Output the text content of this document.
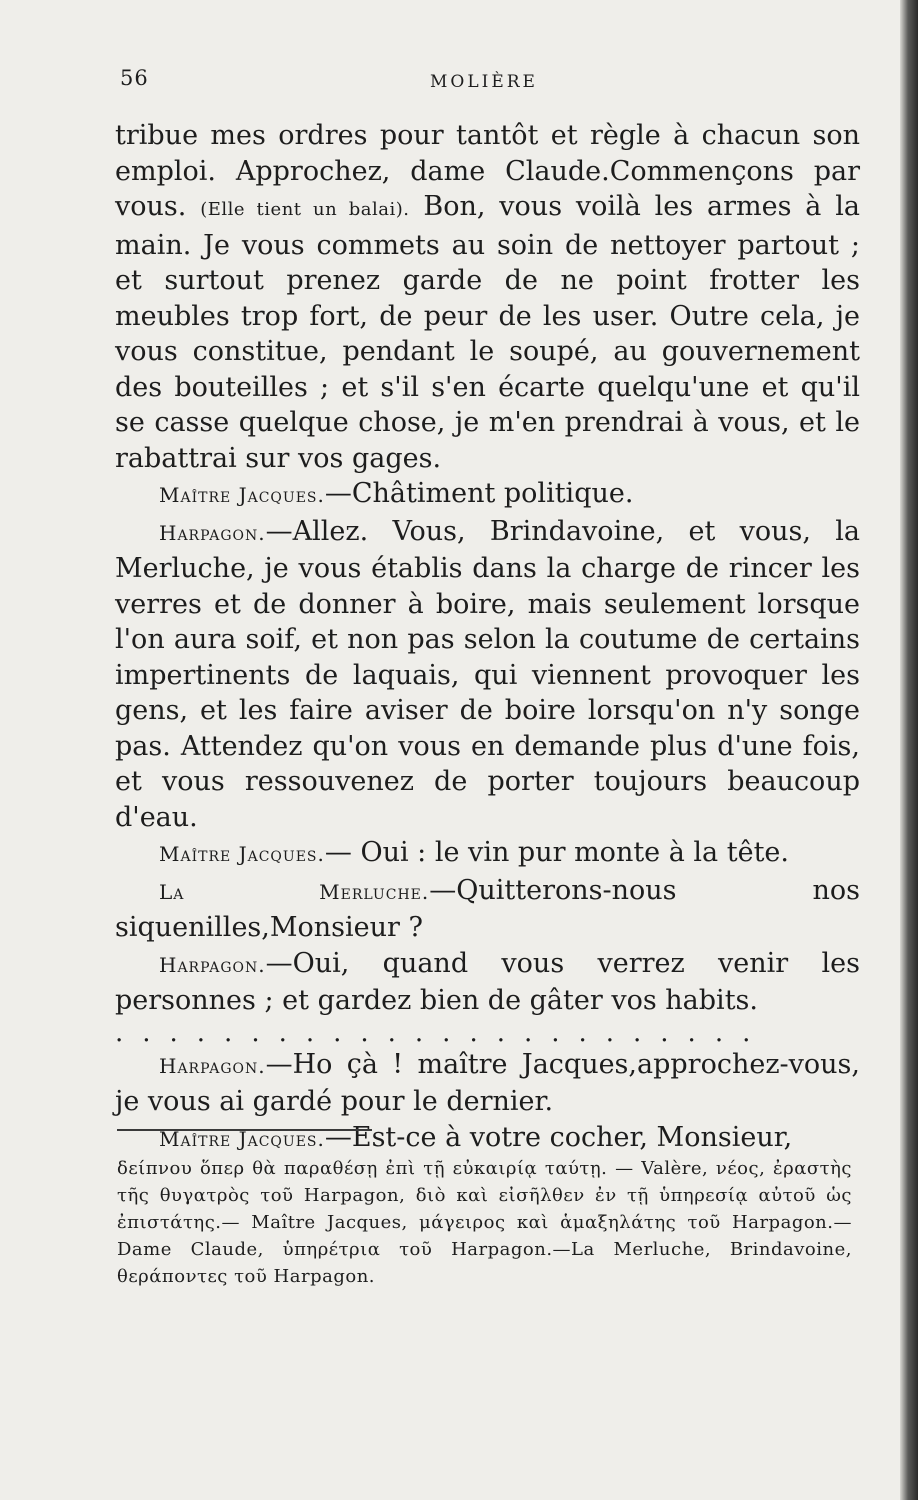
56	MOLIÈRE

tribue mes ordres pour tantôt et règle à chacun son emploi. Approchez, dame Claude.Commençons par vous. (Elle tient un balai). Bon, vous voilà les armes à la main. Je vous commets au soin de nettoyer partout ; et surtout prenez garde de ne point frotter les meubles trop fort, de peur de les user. Outre cela, je vous constitue, pendant le soupé, au gouvernement des bouteilles ; et s'il s'en écarte quelqu'une et qu'il se casse quelque chose, je m'en prendrai à vous, et le rabattrai sur vos gages.

Maître Jacques.—Châtiment politique.

Harpagon.—Allez. Vous, Brindavoine, et vous, la Merluche, je vous établis dans la charge de rincer les verres et de donner à boire, mais seulement lorsque l'on aura soif, et non pas selon la coutume de certains impertinents de laquais, qui viennent provoquer les gens, et les faire aviser de boire lorsqu'on n'y songe pas. Attendez qu'on vous en demande plus d'une fois, et vous ressouvenez de porter toujours beaucoup d'eau.

Maître Jacques.— Oui : le vin pur monte à la tête.

La Merluche.—Quitterons-nous nos siquenilles,Monsieur ?

Harpagon.—Oui, quand vous verrez venir les personnes ; et gardez bien de gâter vos habits.

........................

Harpagon.—Ho çà ! maître Jacques,approchez-vous, je vous ai gardé pour le dernier.

Maître Jacques.—Est-ce à votre cocher, Monsieur,

δείπνου ὅπερ θὰ παραθέσῃ ἐπὶ τῇ εὐκαιρίᾳ ταύτῃ. — Valère, νέος, ἐραστὴς τῆς θυγατρὸς τοῦ Harpagon, διὸ καὶ εἰσῆλθεν ἐν τῇ ὑπηρεσίᾳ αὐτοῦ ὡς ἐπιστάτης.— Maître Jacques, μάγειρος καὶ ἁμαξηλάτης τοῦ Harpagon.—Dame Claude, ὑπηρέτρια τοῦ Harpagon.—La Merluche, Brindavoine, θεράποντες τοῦ Harpagon.
